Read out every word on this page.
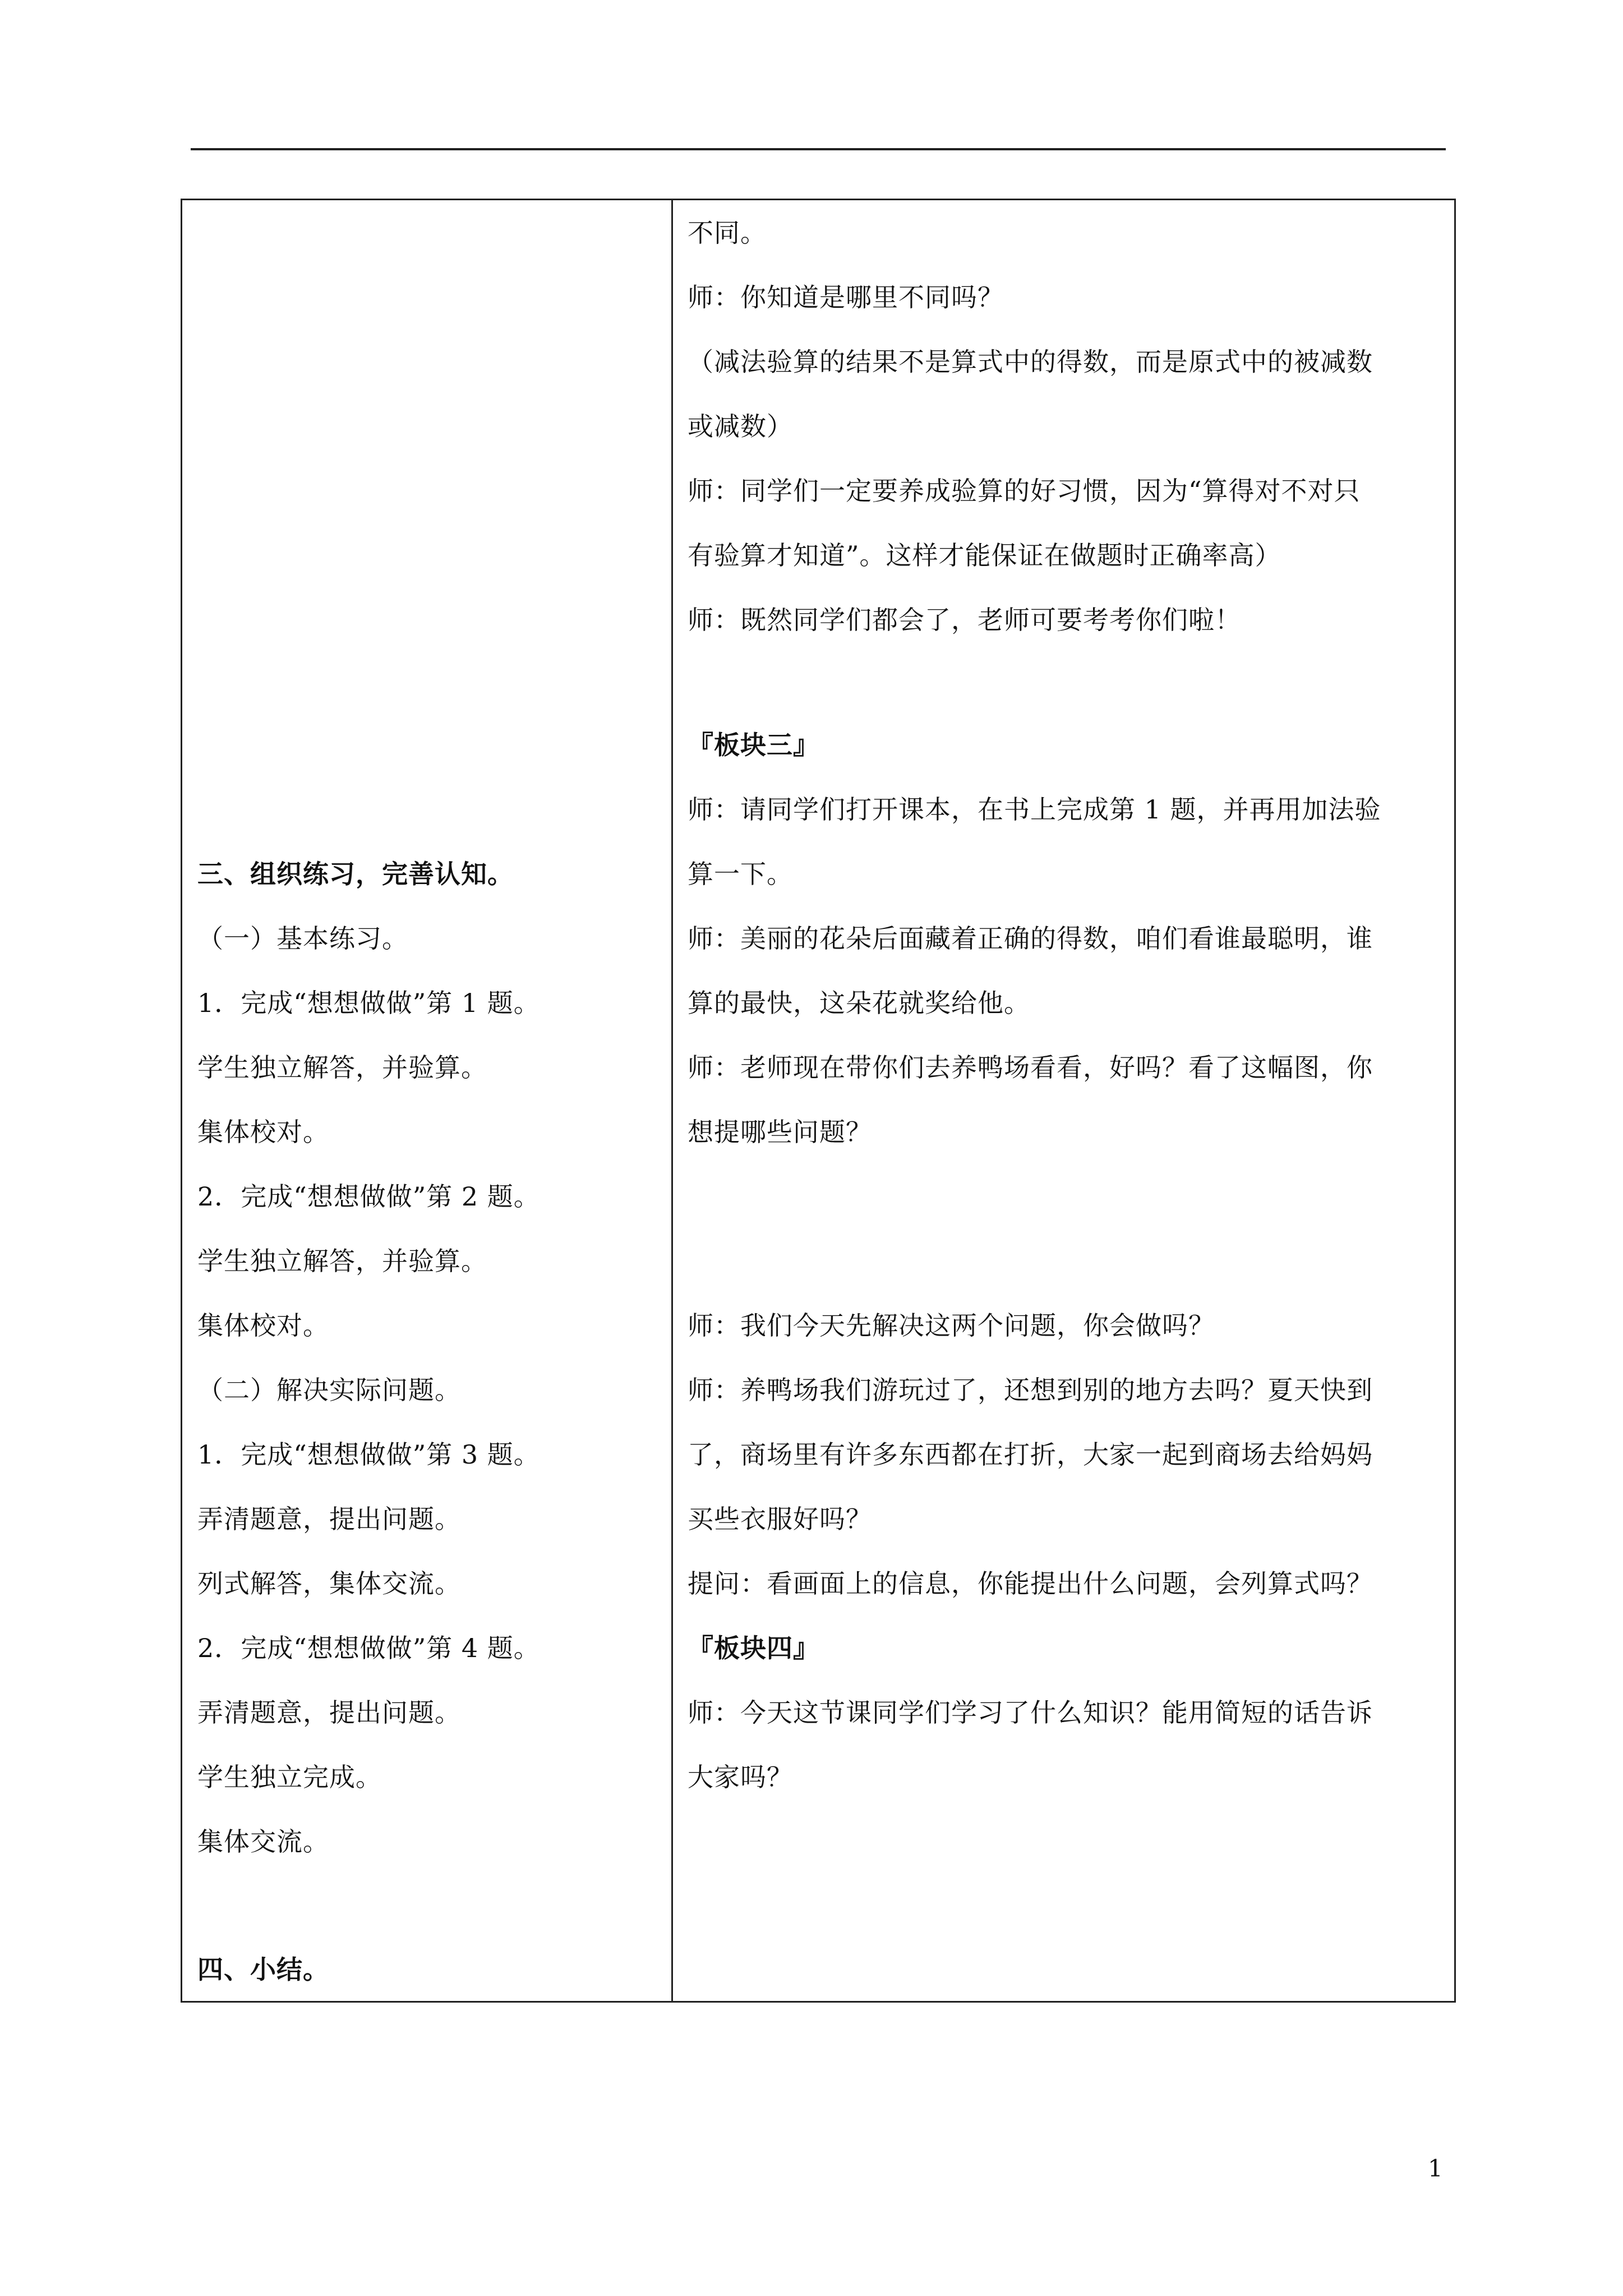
三、组织练习，完善认知。
（一）基本练习。
1．完成“想想做做”第 1 题。
学生独立解答，并验算。
集体校对。
2．完成“想想做做”第 2 题。
学生独立解答，并验算。
集体校对。
（二）解决实际问题。
1．完成“想想做做”第 3 题。
弄清题意，提出问题。
列式解答，集体交流。
2．完成“想想做做”第 4 题。
弄清题意，提出问题。
学生独立完成。
集体交流。
四、小结。
不同。
师：你知道是哪里不同吗？
（减法验算的结果不是算式中的得数，而是原式中的被减数
或减数）
师：同学们一定要养成验算的好习惯，因为“算得对不对只
有验算才知道”。这样才能保证在做题时正确率高）
师：既然同学们都会了，老师可要考考你们啦！
『板块三』
师：请同学们打开课本，在书上完成第 1 题，并再用加法验
算一下。
师：美丽的花朵后面藏着正确的得数，咱们看谁最聪明，谁
算的最快，这朵花就奖给他。
师：老师现在带你们去养鸭场看看，好吗？看了这幅图，你
想提哪些问题？
师：我们今天先解决这两个问题，你会做吗？
师：养鸭场我们游玩过了，还想到别的地方去吗？夏天快到
了，商场里有许多东西都在打折，大家一起到商场去给妈妈
买些衣服好吗？
提问：看画面上的信息，你能提出什么问题，会列算式吗？
『板块四』
师：今天这节课同学们学习了什么知识？能用简短的话告诉
大家吗？
1
